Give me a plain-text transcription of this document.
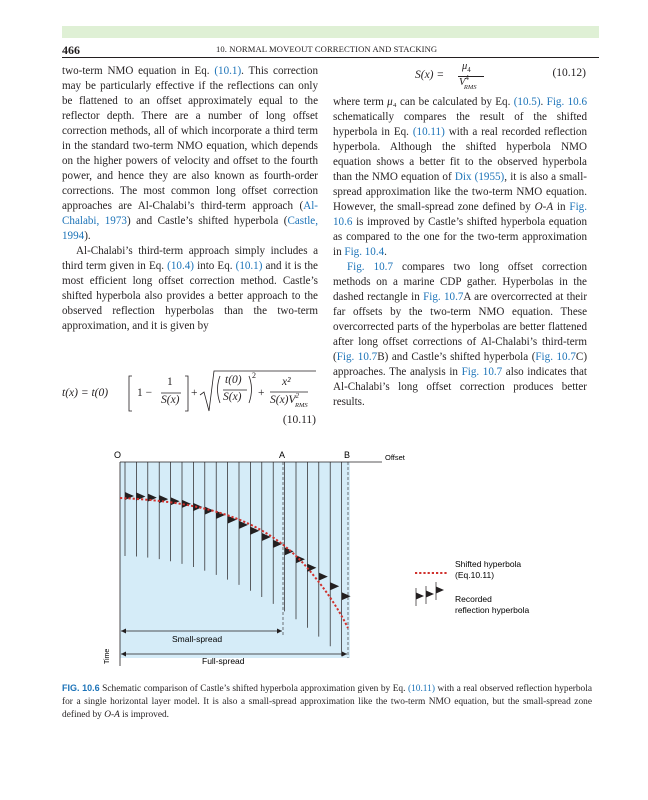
466	10. NORMAL MOVEOUT CORRECTION AND STACKING

two-term NMO equation in Eq. (10.1). This correction may be particularly effective if the reflections can only be flattened to an offset approximately equal to the reflector depth. There are a number of long offset correction methods, all of which incorporate a third term in the standard two-term NMO equation, which depends on the higher powers of velocity and offset to the fourth power, and hence they are also known as fourth-order corrections. The most common long offset correction approaches are Al-Chalabi’s third-term approach (Al-Chalabi, 1973) and Castle’s shifted hyperbola (Castle, 1994).

Al-Chalabi’s third-term approach simply includes a third term given in Eq. (10.4) into Eq. (10.1) and it is the most efficient long offset correction method. Castle’s shifted hyperbola also provides a better approach to the observed reflection hyperbolas than the two-term approximation, and it is given by

S(x) =
$\mu_4$
$V^4_{RMS}$
(10.12)
t(x) = t(0)	1 −
1
S(x)
+
t(0)
S(x)
2
+
x²
$S(x)V^2_{RMS}$
(10.11)

where term μ₄ can be calculated by Eq. (10.5). Fig. 10.6 schematically compares the result of the shifted hyperbola in Eq. (10.11) with a real recorded reflection hyperbola. Although the shifted hyperbola NMO equation shows a better fit to the observed hyperbola than the NMO equation of Dix (1955), it is also a small-spread approximation like the two-term NMO equation. However, the small-spread zone defined by O-A in Fig. 10.6 is improved by Castle’s shifted hyperbola equation as compared to the one for the two-term approximation in Fig. 10.4.

Fig. 10.7 compares two long offset correction methods on a marine CDP gather. Hyperbolas in the dashed rectangle in Fig. 10.7A are overcorrected at their far offsets by the two-term NMO equation. These overcorrected parts of the hyperbolas are better flattened after long offset corrections of Al-Chalabi’s third-term (Fig. 10.7B) and Castle’s shifted hyperbola (Fig. 10.7C) approaches. The analysis in Fig. 10.7 also indicates that Al-Chalabi’s long offset correction produces better results.

O	A	B	Offset
Time
Small-spread
Full-spread
Shifted hyperbola
(Eq.10.11)
Recorded
reflection hyperbola
FIG. 10.6 Schematic comparison of Castle’s shifted hyperbola approximation given by Eq. (10.11) with a real observed reflection hyperbola for a single horizontal layer model. It is also a small-spread approximation like the two-term NMO equation, but the small-spread zone defined by O-A is improved.
